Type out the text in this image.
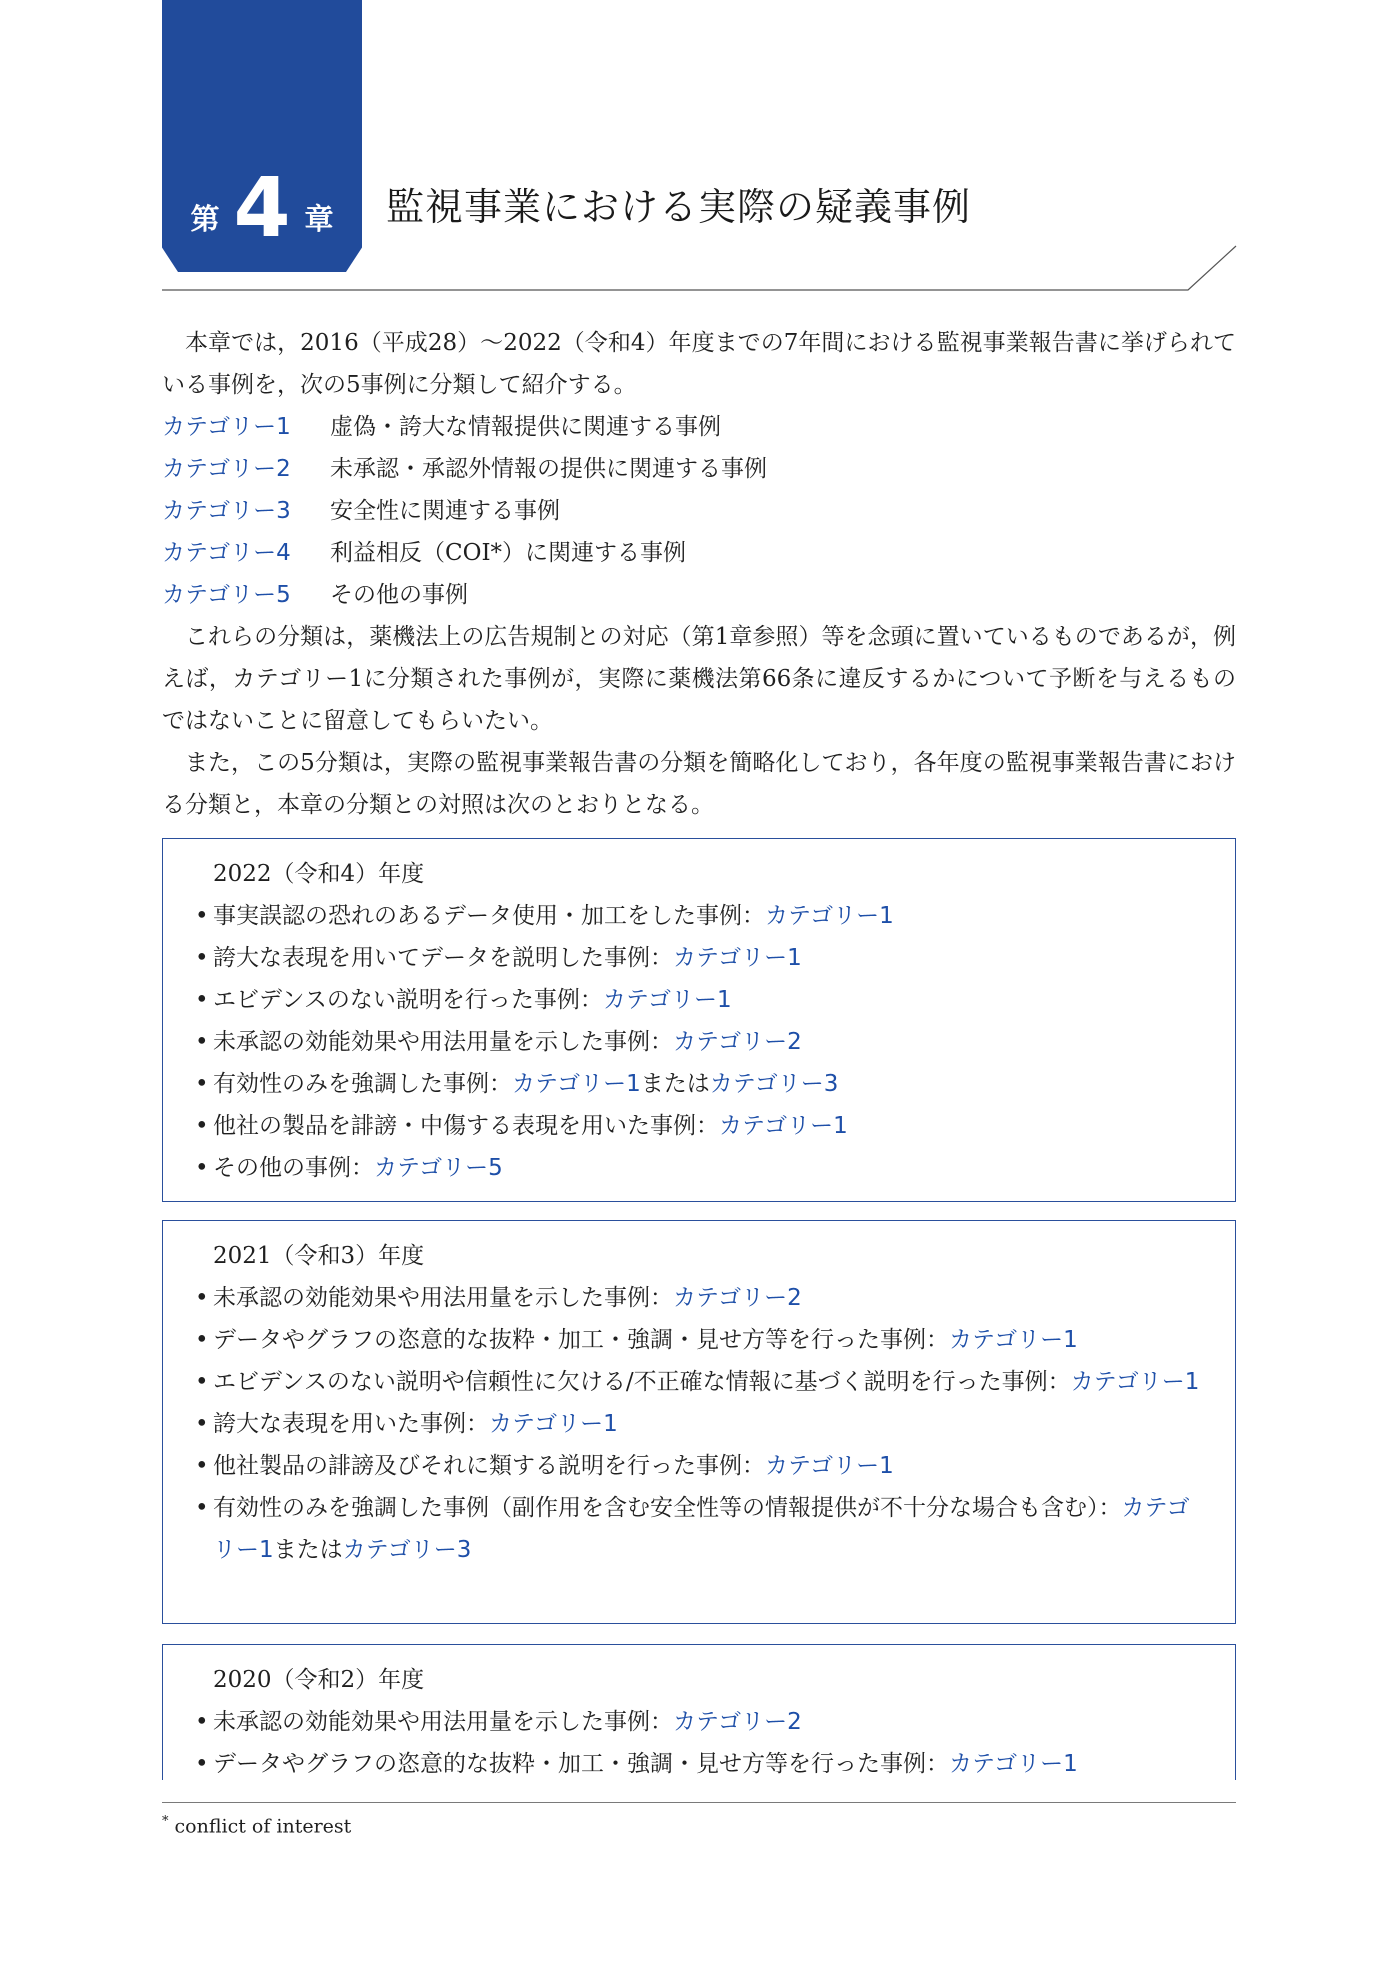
第 4 章 監視事業における実際の疑義事例

本章では，2016（平成28）～2022（令和4）年度までの7年間における監視事業報告書に挙げられている事例を，次の5事例に分類して紹介する。

カテゴリー1 虚偽・誇大な情報提供に関連する事例
カテゴリー2 未承認・承認外情報の提供に関連する事例
カテゴリー3 安全性に関連する事例
カテゴリー4 利益相反（COI*）に関連する事例
カテゴリー5 その他の事例

これらの分類は，薬機法上の広告規制との対応（第1章参照）等を念頭に置いているものであるが，例えば，カテゴリー1に分類された事例が，実際に薬機法第66条に違反するかについて予断を与えるものではないことに留意してもらいたい。

また，この5分類は，実際の監視事業報告書の分類を簡略化しており，各年度の監視事業報告書における分類と，本章の分類との対照は次のとおりとなる。

2022（令和4）年度
• 事実誤認の恐れのあるデータ使用・加工をした事例：カテゴリー1
• 誇大な表現を用いてデータを説明した事例：カテゴリー1
• エビデンスのない説明を行った事例：カテゴリー1
• 未承認の効能効果や用法用量を示した事例：カテゴリー2
• 有効性のみを強調した事例：カテゴリー1またはカテゴリー3
• 他社の製品を誹謗・中傷する表現を用いた事例：カテゴリー1
• その他の事例：カテゴリー5
2021（令和3）年度
• 未承認の効能効果や用法用量を示した事例：カテゴリー2
• データやグラフの恣意的な抜粋・加工・強調・見せ方等を行った事例：カテゴリー1
• エビデンスのない説明や信頼性に欠ける/不正確な情報に基づく説明を行った事例：カテゴリー1
• 誇大な表現を用いた事例：カテゴリー1
• 他社製品の誹謗及びそれに類する説明を行った事例：カテゴリー1
• 有効性のみを強調した事例（副作用を含む安全性等の情報提供が不十分な場合も含む）：カテゴリー1またはカテゴリー3
2020（令和2）年度
• 未承認の効能効果や用法用量を示した事例：カテゴリー2
• データやグラフの恣意的な抜粋・加工・強調・見せ方等を行った事例：カテゴリー1
* conflict of interest
